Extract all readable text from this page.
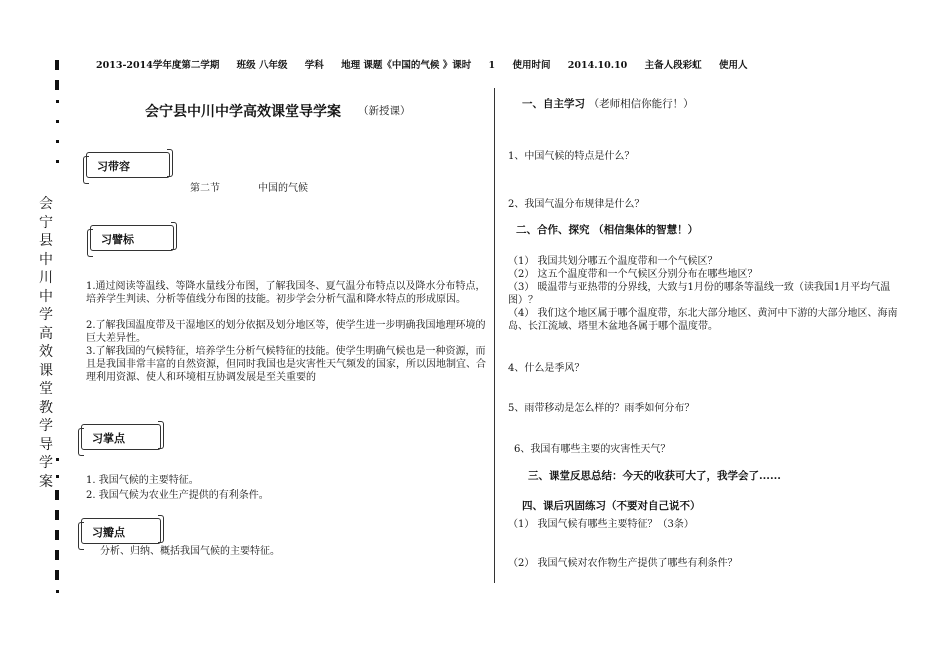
2013-2014学年度第二学期 班级 八年级 学科 地理 课题《中国的气候 》课时 1 使用时间 2014.10.10 主备人段彩虹 使用人
会
宁
县
中
川
中
学
高
效
课
堂
教
学
导
学
案
会宁县中川中学高效课堂导学案 （新授课）
习带容
第二节	中国的气候
习譬标
1.通过阅读等温线、等降水量线分布图，了解我国冬、夏气温分布特点以及降水分布特点，培养学生判读、分析等值线分布图的技能。初步学会分析气温和降水特点的形成原因。
2.了解我国温度带及干湿地区的划分依据及划分地区等，使学生进一步明确我国地理环境的巨大差异性。
3.了解我国的气候特征，培养学生分析气候特征的技能。使学生明确气候也是一种资源，而且是我国非常丰富的自然资源，但同时我国也是灾害性天气频发的国家，所以因地制宜、合理利用资源、使人和环境相互协调发展是至关重要的
习掌点
1. 我国气候的主要特征。
2. 我国气候为农业生产提供的有利条件。
习瓣点
分析、归纳、概括我国气候的主要特征。
一、自主学习 （老师相信你能行！）
1、中国气候的特点是什么？
2、我国气温分布规律是什么？
二、合作、探究 （相信集体的智慧！）
（1） 我国共划分哪五个温度带和一个气候区？
（2） 这五个温度带和一个气候区分别分布在哪些地区？
（3） 暖温带与亚热带的分界线，大致与1月份的哪条等温线一致（读我国1月平均气温图）？
（4） 我们这个地区属于哪个温度带，东北大部分地区、黄河中下游的大部分地区、海南岛、长江流域、塔里木盆地各属于哪个温度带。
4、什么是季风？
5、雨带移动是怎么样的？雨季如何分布？
6、我国有哪些主要的灾害性天气？
三、课堂反思总结：今天的收获可大了，我学会了......
四、课后巩固练习（不要对自己说不）
（1） 我国气候有哪些主要特征？（3条）
（2） 我国气候对农作物生产提供了哪些有利条件？
